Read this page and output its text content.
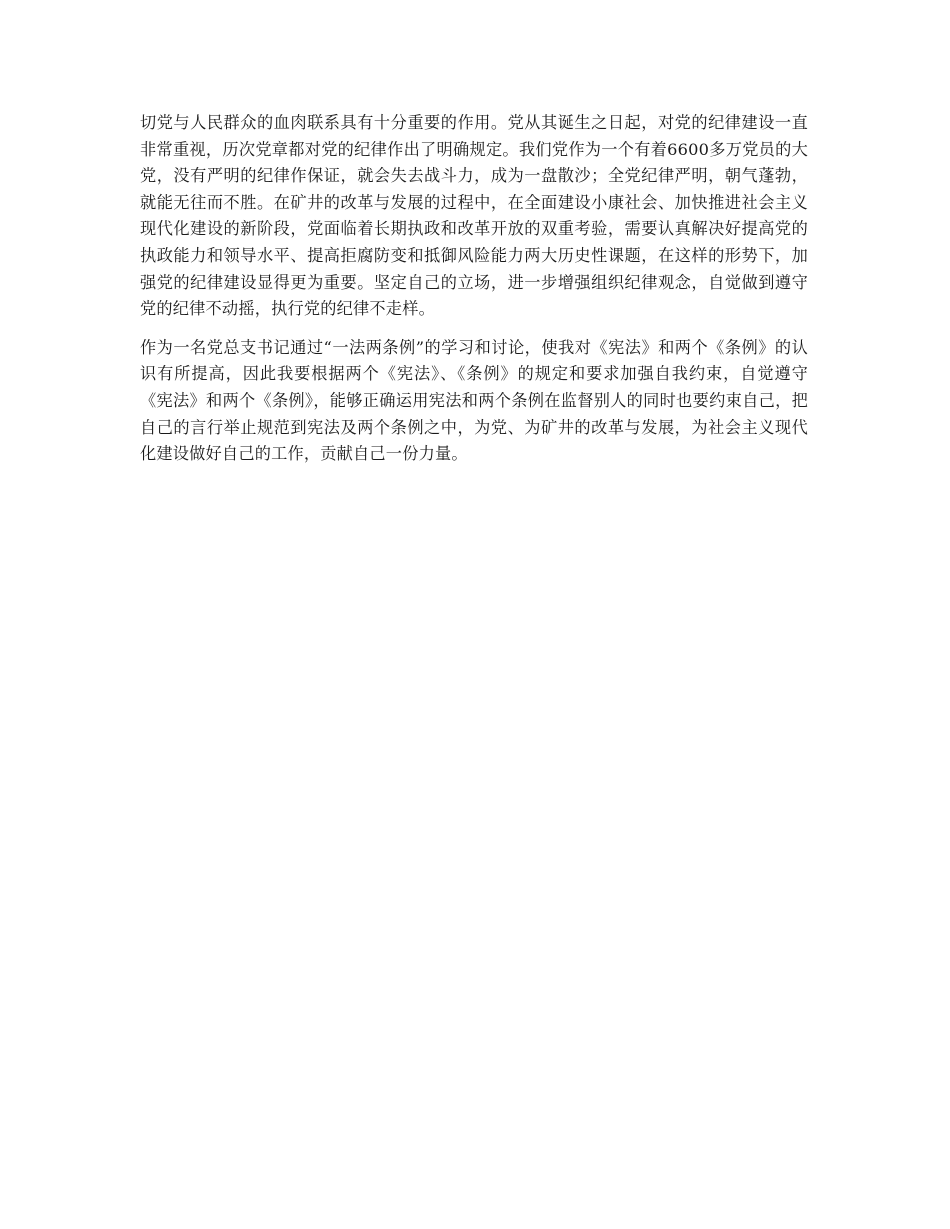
切党与人民群众的血肉联系具有十分重要的作用。党从其诞生之日起，对党的纪律建设一直非常重视，历次党章都对党的纪律作出了明确规定。我们党作为一个有着6600多万党员的大党，没有严明的纪律作保证，就会失去战斗力，成为一盘散沙；全党纪律严明，朝气蓬勃，就能无往而不胜。在矿井的改革与发展的过程中，在全面建设小康社会、加快推进社会主义现代化建设的新阶段，党面临着长期执政和改革开放的双重考验，需要认真解决好提高党的执政能力和领导水平、提高拒腐防变和抵御风险能力两大历史性课题，在这样的形势下，加强党的纪律建设显得更为重要。坚定自己的立场，进一步增强组织纪律观念，自觉做到遵守党的纪律不动摇，执行党的纪律不走样。

作为一名党总支书记通过“一法两条例”的学习和讨论，使我对《宪法》和两个《条例》的认识有所提高，因此我要根据两个《宪法》、《条例》的规定和要求加强自我约束，自觉遵守《宪法》和两个《条例》，能够正确运用宪法和两个条例在监督别人的同时也要约束自己，把自己的言行举止规范到宪法及两个条例之中，为党、为矿井的改革与发展，为社会主义现代化建设做好自己的工作，贡献自己一份力量。
